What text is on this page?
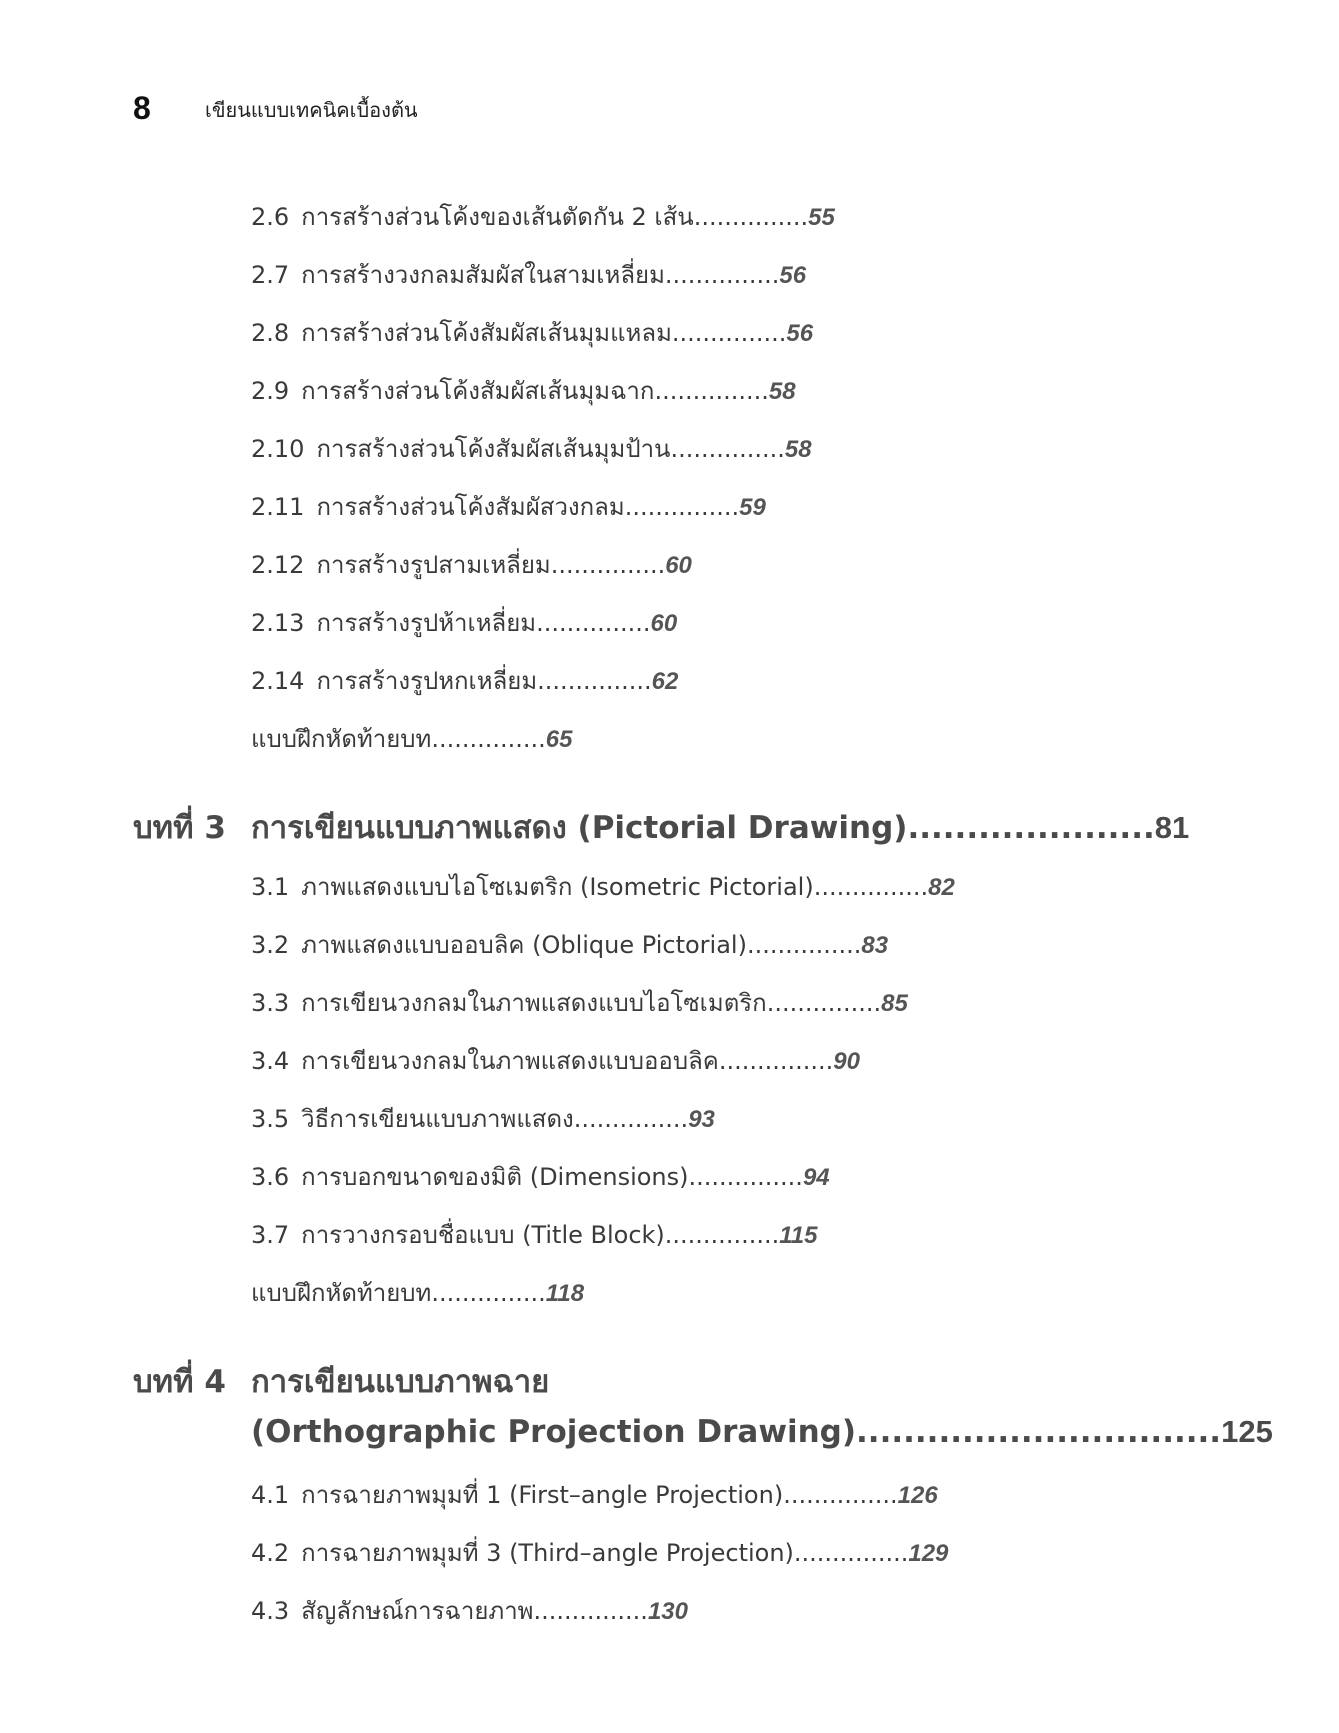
8	เขียนแบบเทคนิคเบื้องต้น
2.6 การสร้างส่วนโค้งของเส้นตัดกัน 2 เส้น...............55
2.7 การสร้างวงกลมสัมผัสในสามเหลี่ยม...............56
2.8 การสร้างส่วนโค้งสัมผัสเส้นมุมแหลม...............56
2.9 การสร้างส่วนโค้งสัมผัสเส้นมุมฉาก...............58
2.10 การสร้างส่วนโค้งสัมผัสเส้นมุมป้าน...............58
2.11 การสร้างส่วนโค้งสัมผัสวงกลม...............59
2.12 การสร้างรูปสามเหลี่ยม...............60
2.13 การสร้างรูปห้าเหลี่ยม...............60
2.14 การสร้างรูปหกเหลี่ยม...............62
แบบฝึกหัดท้ายบท...............65
บทที่ 3 การเขียนแบบภาพแสดง (Pictorial Drawing).....................81
3.1 ภาพแสดงแบบไอโซเมตริก (Isometric Pictorial)...............82
3.2 ภาพแสดงแบบออบลิค (Oblique Pictorial)...............83
3.3 การเขียนวงกลมในภาพแสดงแบบไอโซเมตริก...............85
3.4 การเขียนวงกลมในภาพแสดงแบบออบลิค...............90
3.5 วิธีการเขียนแบบภาพแสดง...............93
3.6 การบอกขนาดของมิติ (Dimensions)...............94
3.7 การวางกรอบชื่อแบบ (Title Block)...............115
แบบฝึกหัดท้ายบท...............118
บทที่ 4 การเขียนแบบภาพฉาย
(Orthographic Projection Drawing)...............................125
4.1 การฉายภาพมุมที่ 1 (First–angle Projection)...............126
4.2 การฉายภาพมุมที่ 3 (Third–angle Projection)...............129
4.3 สัญลักษณ์การฉายภาพ...............130
